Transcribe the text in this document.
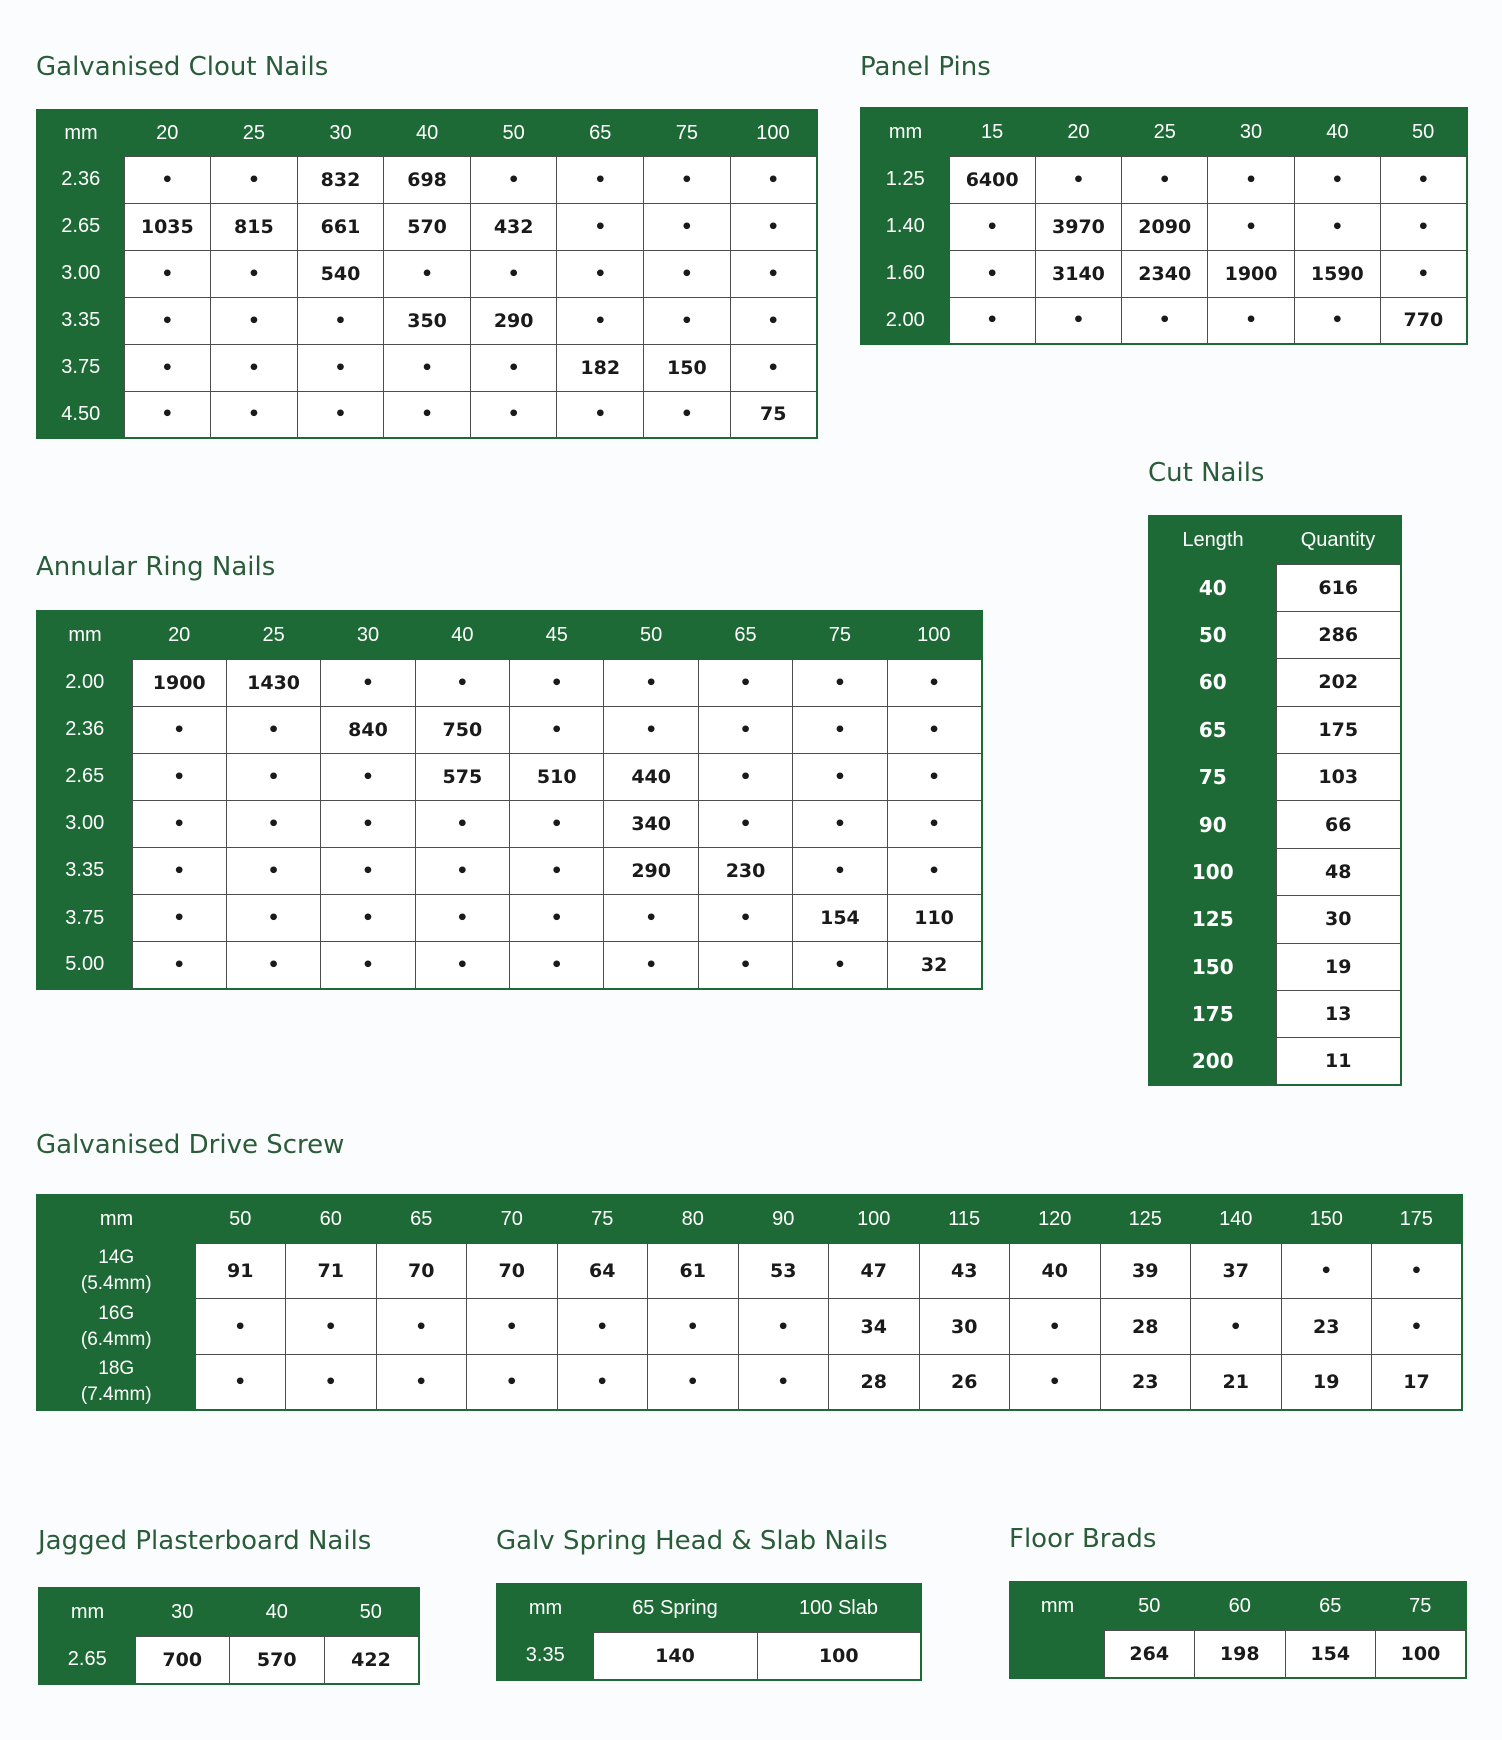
Galvanised Clout Nails
mm	20	25	30	40	50	65	75	100
2.36	•	•	832	698	•	•	•	•
2.65	1035	815	661	570	432	•	•	•
3.00	•	•	540	•	•	•	•	•
3.35	•	•	•	350	290	•	•	•
3.75	•	•	•	•	•	182	150	•
4.50	•	•	•	•	•	•	•	75
Panel Pins
mm	15	20	25	30	40	50
1.25	6400	•	•	•	•	•
1.40	•	3970	2090	•	•	•
1.60	•	3140	2340	1900	1590	•
2.00	•	•	•	•	•	770
Cut Nails
Length	Quantity
40	616
50	286
60	202
65	175
75	103
90	66
100	48
125	30
150	19
175	13
200	11
Annular Ring Nails
mm	20	25	30	40	45	50	65	75	100
2.00	1900	1430	•	•	•	•	•	•	•
2.36	•	•	840	750	•	•	•	•	•
2.65	•	•	•	575	510	440	•	•	•
3.00	•	•	•	•	•	340	•	•	•
3.35	•	•	•	•	•	290	230	•	•
3.75	•	•	•	•	•	•	•	154	110
5.00	•	•	•	•	•	•	•	•	32
Galvanised Drive Screw
mm	50	60	65	70	75	80	90	100	115	120	125	140	150	175

14G
(5.4mm)	91	71	70	70	64	61	53	47	43	40	39	37	•	•

16G
(6.4mm)	•	•	•	•	•	•	•	34	30	•	28	•	23	•

18G
(7.4mm)	•	•	•	•	•	•	•	28	26	•	23	21	19	17
Jagged Plasterboard Nails
mm	30	40	50
2.65	700	570	422
Galv Spring Head & Slab Nails
mm	65 Spring	100 Slab
3.35	140	100
Floor Brads
mm	50	60	65	75
	264	198	154	100
